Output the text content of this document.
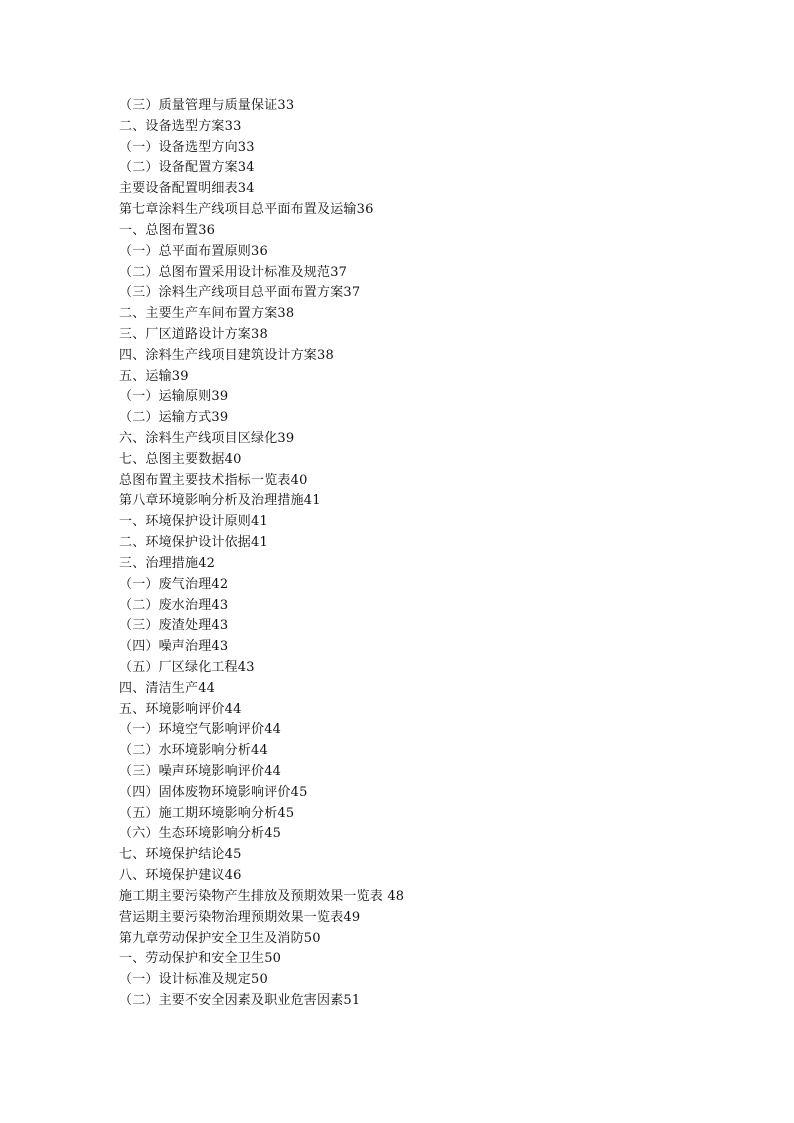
（三）质量管理与质量保证33
二、设备选型方案33
（一）设备选型方向33
（二）设备配置方案34
主要设备配置明细表34
第七章涂料生产线项目总平面布置及运输36
一、总图布置36
（一）总平面布置原则36
（二）总图布置采用设计标准及规范37
（三）涂料生产线项目总平面布置方案37
二、主要生产车间布置方案38
三、厂区道路设计方案38
四、涂料生产线项目建筑设计方案38
五、运输39
（一）运输原则39
（二）运输方式39
六、涂料生产线项目区绿化39
七、总图主要数据40
总图布置主要技术指标一览表40
第八章环境影响分析及治理措施41
一、环境保护设计原则41
二、环境保护设计依据41
三、治理措施42
（一）废气治理42
（二）废水治理43
（三）废渣处理43
（四）噪声治理43
（五）厂区绿化工程43
四、清洁生产44
五、环境影响评价44
（一）环境空气影响评价44
（二）水环境影响分析44
（三）噪声环境影响评价44
（四）固体废物环境影响评价45
（五）施工期环境影响分析45
（六）生态环境影响分析45
七、环境保护结论45
八、环境保护建议46
施工期主要污染物产生排放及预期效果一览表 48
营运期主要污染物治理预期效果一览表49
第九章劳动保护安全卫生及消防50
一、劳动保护和安全卫生50
（一）设计标准及规定50
（二）主要不安全因素及职业危害因素51
